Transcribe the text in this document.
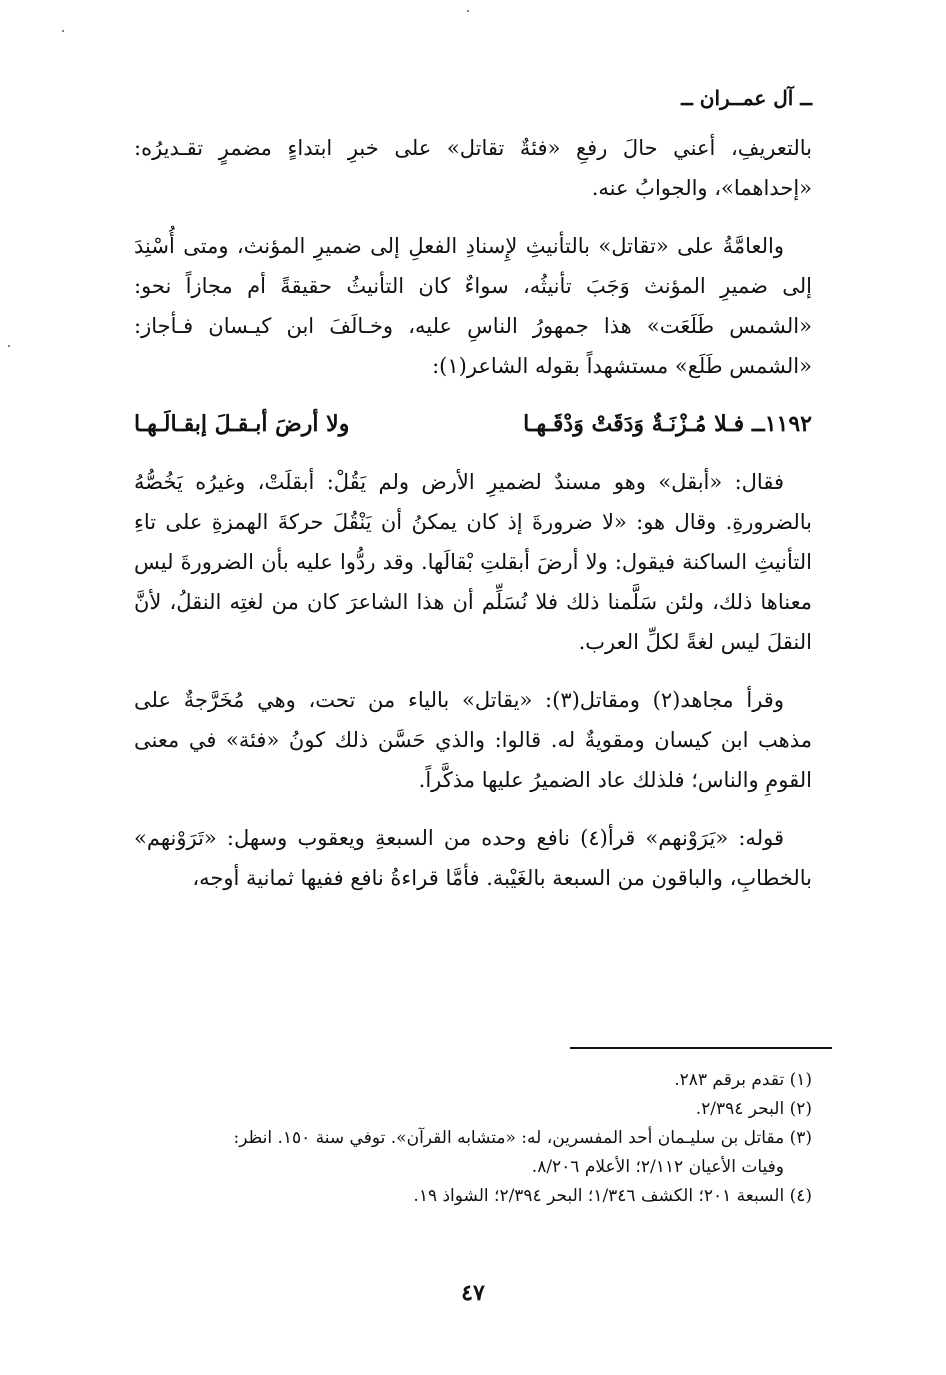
ــ آل عمــران ــ

بالتعريفِ، أعني حالَ رفعِ «فئةٌ تقاتل» على خبرِ ابتداءٍ مضمرٍ تقـديرُه: «إحداهما»، والجوابُ عنه.

والعامَّةُ على «تقاتل» بالتأنيثِ لإِسنادِ الفعلِ إلى ضميرِ المؤنث، ومتى أُسْنِدَ إلى ضميرِ المؤنث وَجَبَ تأنيثُه، سواءٌ كان التأنيثُ حقيقةً أم مجازاً نحو: «الشمس طَلَعَت» هذا جمهورُ الناسِ عليه، وخـالَفَ ابن كيـسان فـأجاز: «الشمس طَلَع» مستشهداً بقوله الشاعر(١):

١١٩٢ــ فـلا مُـزْنَـةٌ وَدَقَتْ وَدْقَـهـا
ولا أرضَ أبـقـلَ إبقـالَـهـا

فقال: «أبقل» وهو مسندٌ لضميرِ الأرض ولم يَقُلْ: أبقلَتْ، وغيرُه يَخُصُّهُ بالضرورةِ. وقال هو: «لا ضرورةَ إذ كان يمكنُ أن يَنْقُلَ حركةَ الهمزةِ على تاءِ التأنيثِ الساكنة فيقول: ولا أرضَ أبقلتِ بْقالَها. وقد ردُّوا عليه بأن الضرورةَ ليس معناها ذلك، ولئن سَلَّمنا ذلك فلا نُسَلِّم أن هذا الشاعرَ كان من لغتِه النقلُ، لأنَّ النقلَ ليس لغةً لكلِّ العرب.

وقرأ مجاهد(٢) ومقاتل(٣): «يقاتل» بالياء من تحت، وهي مُخَرَّجةٌ على مذهب ابن كيسان ومقويةٌ له. قالوا: والذي حَسَّن ذلك كونُ «فئة» في معنى القومِ والناس؛ فلذلك عاد الضميرُ عليها مذكَّراً.

قوله: «يَرَوْنهم» قرأ(٤) نافع وحده من السبعةِ ويعقوب وسهل: «تَرَوْنهم» بالخطابِ، والباقون من السبعة بالغَيْبة. فأمَّا قراءةُ نافع ففيها ثمانية أوجه،

(١) تقدم برقم ٢٨٣.
(٢) البحر ٢/٣٩٤.
(٣) مقاتل بن سليـمان أحد المفسرين، له: «متشابه القرآن». توفي سنة ١٥٠. انظر:
وفيات الأعيان ٢/١١٢؛ الأعلام ٨/٢٠٦.
(٤) السبعة ٢٠١؛ الكشف ١/٣٤٦؛ البحر ٢/٣٩٤؛ الشواذ ١٩.
٤٧
